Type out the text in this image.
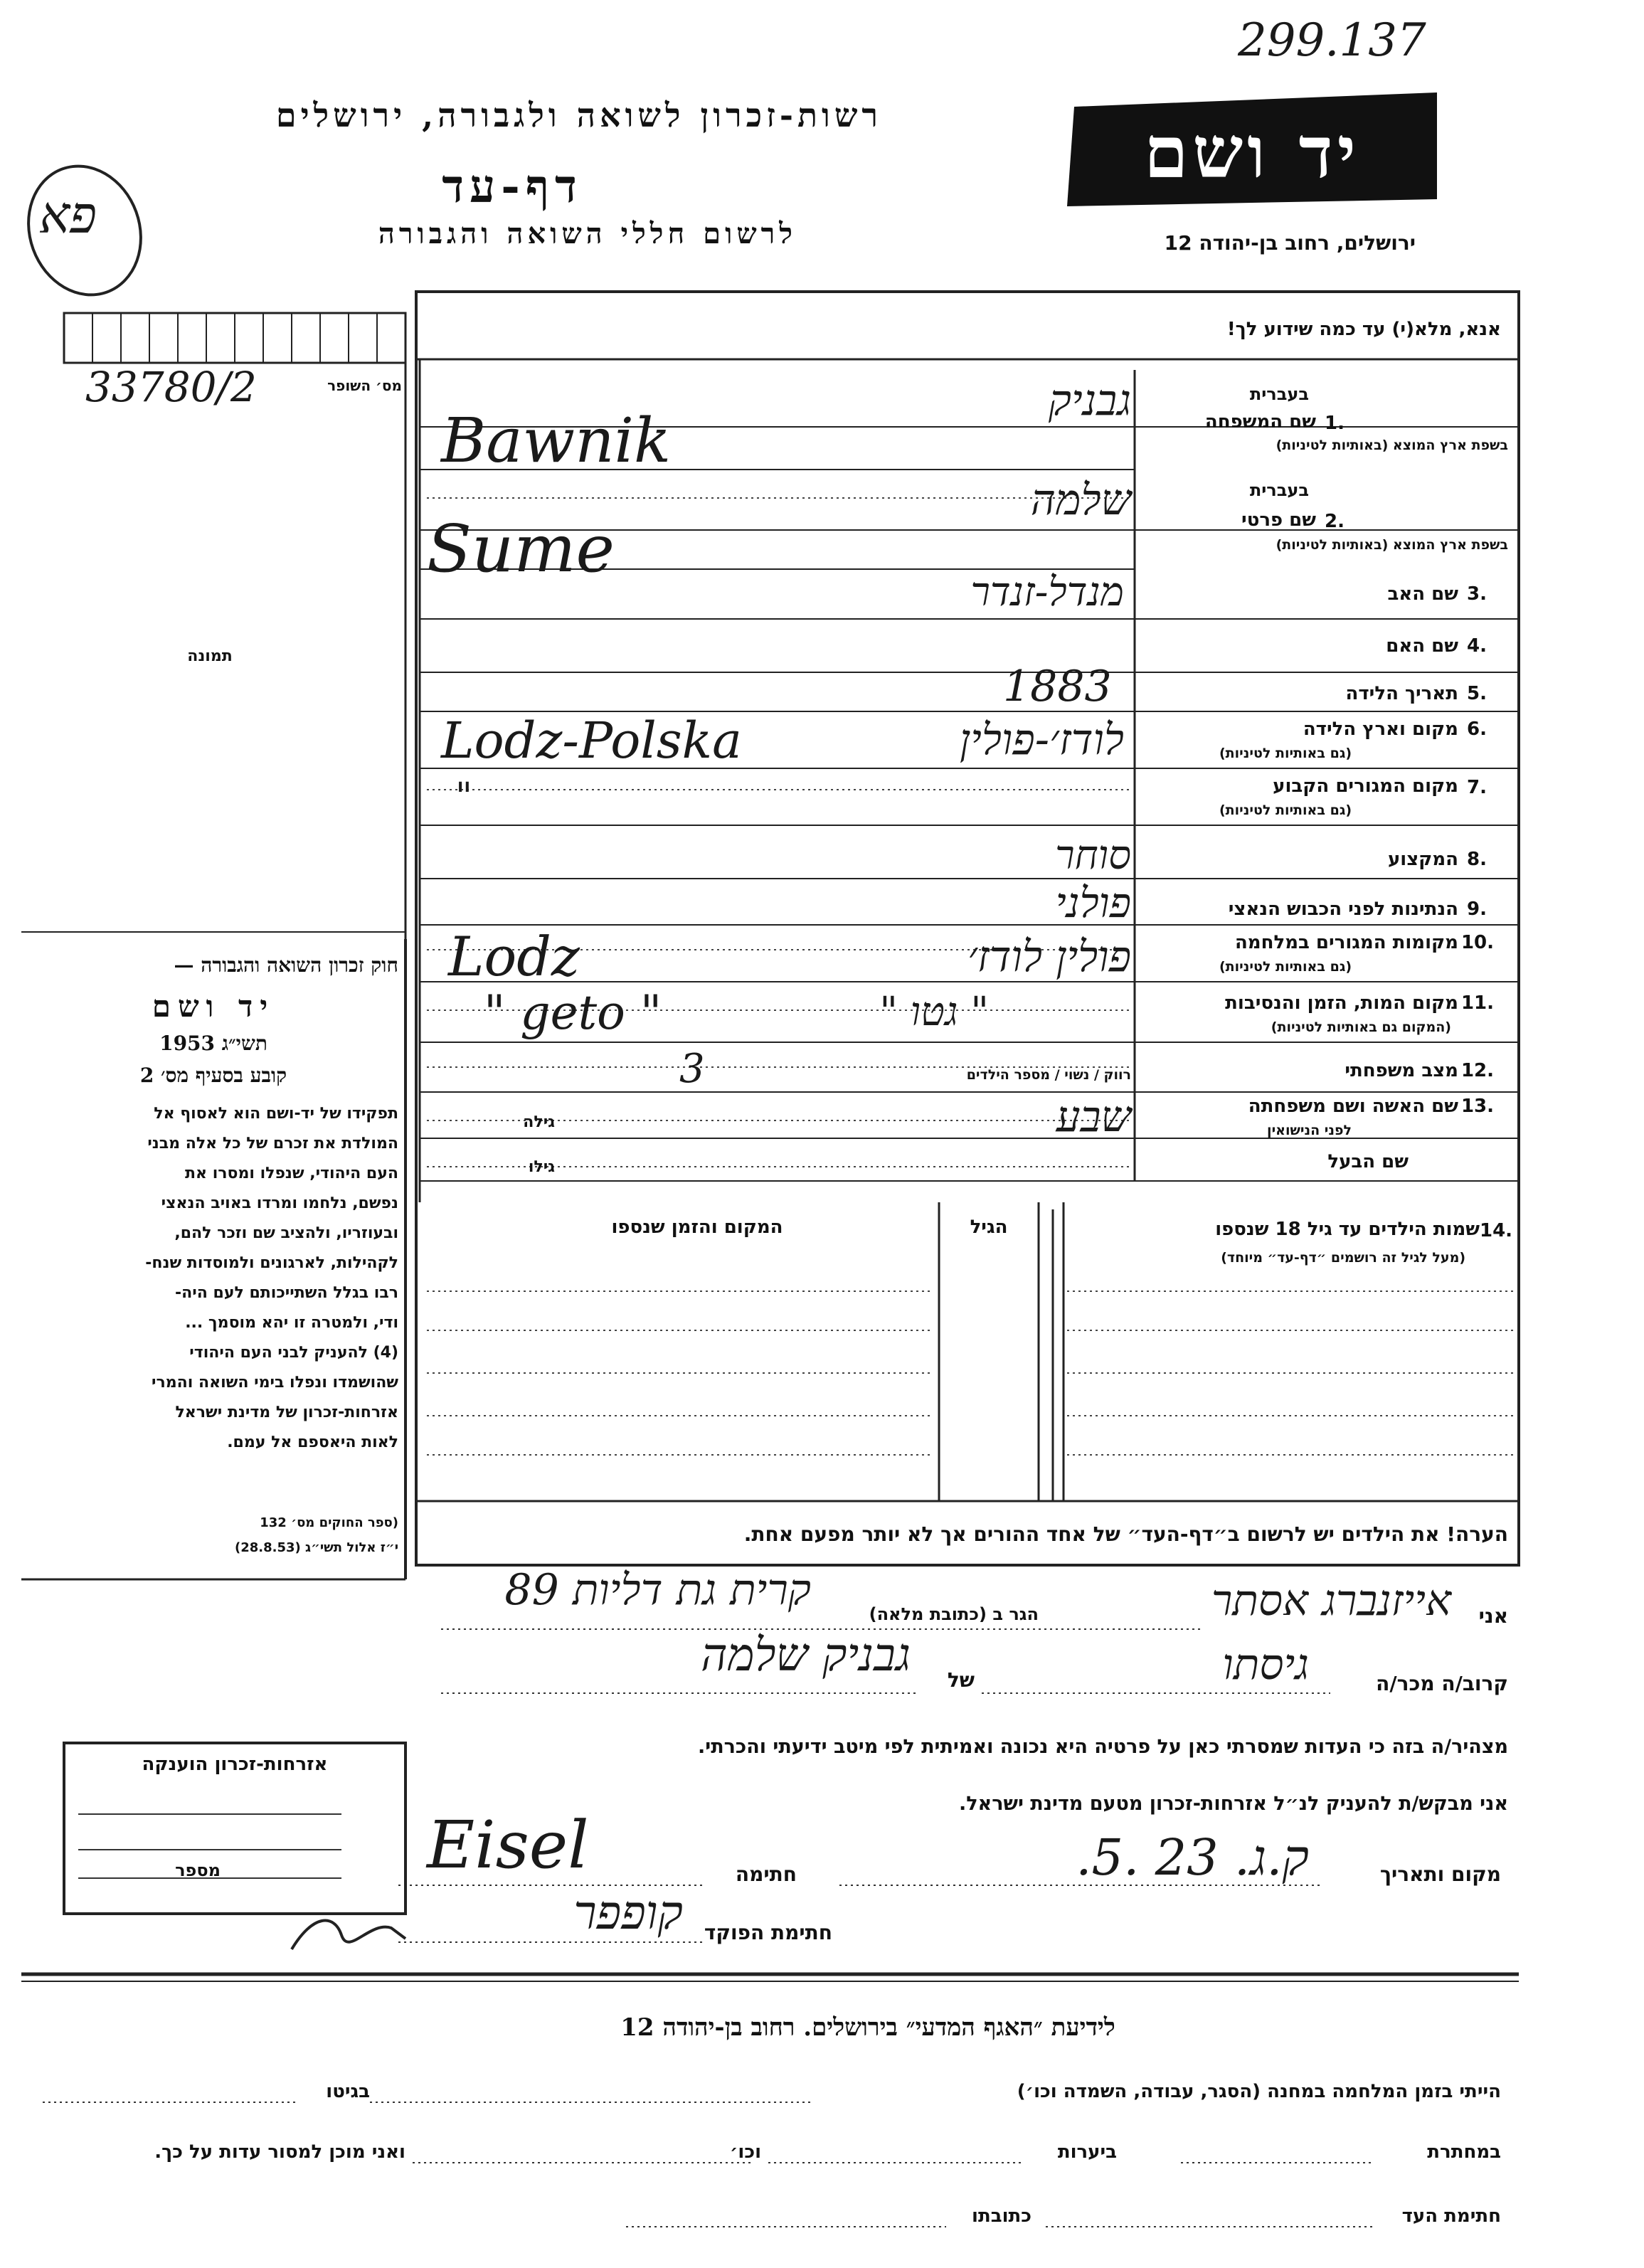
299.137
פא
רשות-זכרון לשואה ולגבורה, ירושלים
דף-עד
לרשום חללי השואה והגבורה
יד ושם
ירושלים, רחוב בן-יהודה 12
אנא, מלא(י) עד כמה שידוע לך!
מס׳ השופר
33780/2
תמונה
בעברית
1.
שם המשפחה
בשפת ארץ המוצא (באותיות לטיניות)
בעברית
2.
שם פרטי
בשפת ארץ המוצא (באותיות לטיניות)
3.
שם האב
4.
שם האם
5.
תאריך הלידה
6.
מקום וארץ הלידה
(גם באותיות לטיניות)
7.
מקום המגורים הקבוע
(גם באותיות לטיניות)
8.
המקצוע
9.
הנתינות לפני הכבוש הנאצי
10.
מקומות המגורים במלחמה
(גם באותיות לטיניות)
11.
מקום המות, הזמן והנסיבות
(המקום גם באותיות לטיניות)
12.
מצב משפחתי
רווק / נשוי / מספר הילדים
13.
שם האשה ושם משפחתה
לפני הנישואין
גילה
שם הבעל
גילו
גבניק
Bawnik
שלמה
Sume
מנדל-זנדר
1883
לודז׳-פולין
Lodz-Polska
"
סוחר
פולני
פולין לודז׳
Lodz
" גטו "
" geto "
3
שבע
14.
שמות הילדים עד גיל 18 שנספו
(מעל לגיל זה רושמים ״דף-עד״ מיוחד)
הגיל
המקום והזמן שנספו
חוק זכרון השואה והגבורה —
יד ושם
תשי״ג 1953
קובע בסעיף מס׳ 2
תפקידו של יד-ושם הוא לאסוף אל
המולדת את זכרם של כל אלה מבני
העם היהודי, שנפלו ומסרו את
נפשם, נלחמו ומרדו באויב הנאצי
ובעוזריו, ולהציב שם וזכר להם,
לקהילות, לארגונים ולמוסדות שנח-
רבו בגלל השתייכותם לעם היה-
ודי, ולמטרה זו יהא מוסמך ...
(4) להעניק לבני העם היהודי
שהושמדו ונפלו בימי השואה והמרי
אזרחות-זכרון של מדינת ישראל
לאות היאספם אל עמם.
(ספר החוקים מס׳ 132
י״ז אלול תשי״ג (28.8.53)
הערה! את הילדים יש לרשום ב״דף-העד״ של אחד ההורים אך לא יותר מפעם אחת.
אני
אייזנברג אסתר
הגר ב (כתובת מלאה)
קרית גת דליות 89
קרוב/ה מכר/ה
גיסתו
של
גבניק שלמה
מצהיר/ה בזה כי העדות שמסרתי כאן על פרטיה היא נכונה ואמיתית לפי מיטב ידיעתי והכרתי.
אני מבקש/ת להעניק לנ״ל אזרחות-זכרון מטעם מדינת ישראל.
מקום ותאריך
ק.ג. 23 .5.
חתימה
Eisel
חתימת הפוקד
קופפר
אזרחות-זכרון הוענקה
מספר
לידיעת ״האגף המדעי״ בירושלים. רחוב בן-יהודה 12
הייתי בזמן המלחמה במחנה (הסגר, עבודה, השמדה וכו׳)
בגיטו
במחתרת
ביערות
וכו׳
ואני מוכן למסור עדות על כך.
חתימת העד
כתובתו
